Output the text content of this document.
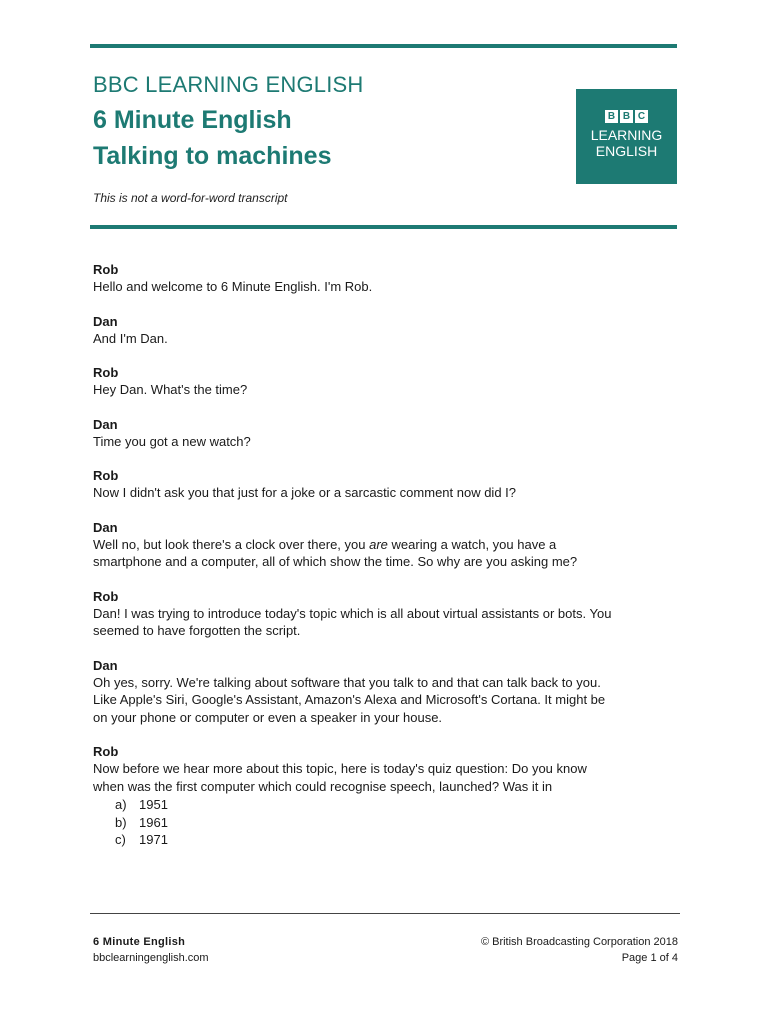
BBC LEARNING ENGLISH
6 Minute English
Talking to machines
B B C
LEARNING
ENGLISH
This is not a word-for-word transcript
Rob
Hello and welcome to 6 Minute English. I'm Rob.
Dan
And I'm Dan.
Rob
Hey Dan. What's the time?
Dan
Time you got a new watch?
Rob
Now I didn't ask you that just for a joke or a sarcastic comment now did I?
Dan
Well no, but look there's a clock over there, you are wearing a watch, you have a
smartphone and a computer, all of which show the time. So why are you asking me?
Rob
Dan! I was trying to introduce today's topic which is all about virtual assistants or bots. You
seemed to have forgotten the script.
Dan
Oh yes, sorry. We're talking about software that you talk to and that can talk back to you.
Like Apple's Siri, Google's Assistant, Amazon's Alexa and Microsoft's Cortana. It might be
on your phone or computer or even a speaker in your house.
Rob
Now before we hear more about this topic, here is today's quiz question: Do you know
when was the first computer which could recognise speech, launched? Was it in
a) 1951
b) 1961
c) 1971
6 Minute English
bbclearningenglish.com
© British Broadcasting Corporation 2018
Page 1 of 4
